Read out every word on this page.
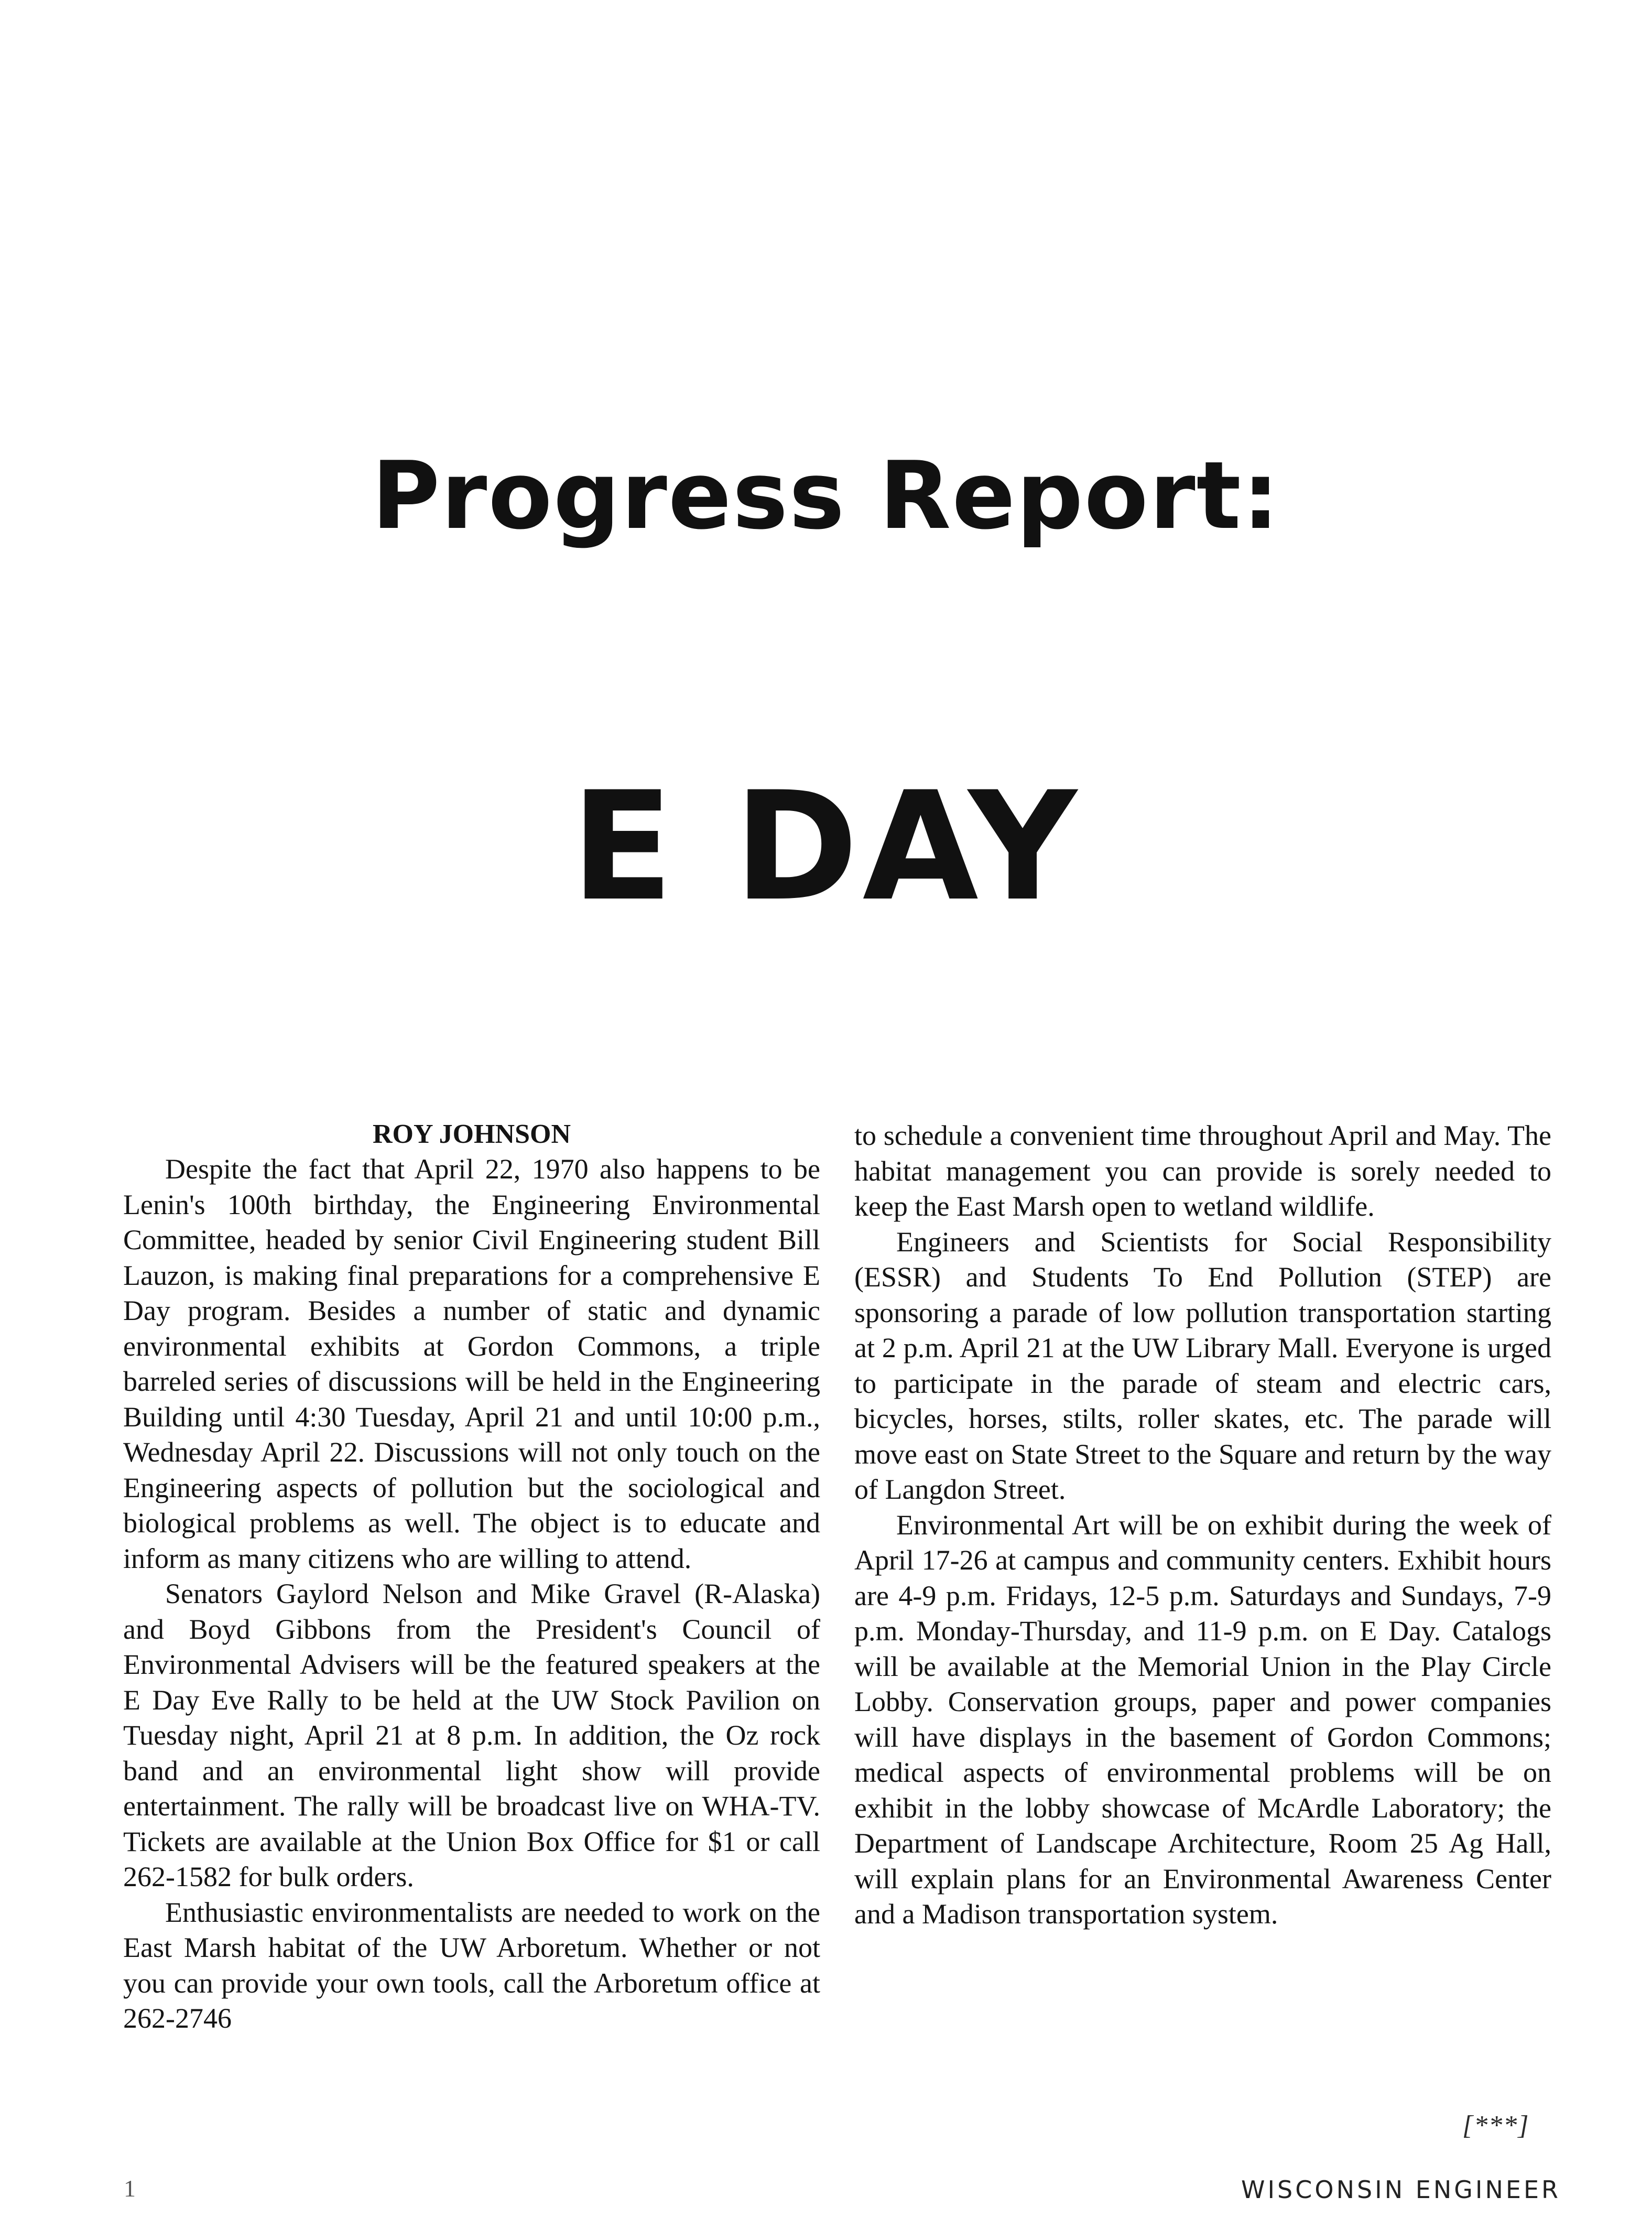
Progress Report:
E DAY
ROY JOHNSON

Despite the fact that April 22, 1970 also happens to be Lenin's 100th birthday, the Engineering Environmental Committee, headed by senior Civil Engineering student Bill Lauzon, is making final preparations for a comprehensive E Day program. Besides a number of static and dynamic environmental exhibits at Gordon Commons, a triple barreled series of discussions will be held in the Engineering Building until 4:30 Tuesday, April 21 and until 10:00 p.m., Wednesday April 22. Discussions will not only touch on the Engineering aspects of pollution but the sociological and biological problems as well. The object is to educate and inform as many citizens who are willing to attend.

Senators Gaylord Nelson and Mike Gravel (R-Alaska) and Boyd Gibbons from the President's Council of Environmental Advisers will be the featured speakers at the E Day Eve Rally to be held at the UW Stock Pavilion on Tuesday night, April 21 at 8 p.m. In addition, the Oz rock band and an environmental light show will provide entertainment. The rally will be broadcast live on WHA-TV. Tickets are available at the Union Box Office for $1 or call 262-1582 for bulk orders.

Enthusiastic environmentalists are needed to work on the East Marsh habitat of the UW Arboretum. Whether or not you can provide your own tools, call the Arboretum office at 262-2746

to schedule a convenient time throughout April and May. The habitat management you can provide is sorely needed to keep the East Marsh open to wetland wildlife.

Engineers and Scientists for Social Responsibility (ESSR) and Students To End Pollution (STEP) are sponsoring a parade of low pollution transportation starting at 2 p.m. April 21 at the UW Library Mall. Everyone is urged to participate in the parade of steam and electric cars, bicycles, horses, stilts, roller skates, etc. The parade will move east on State Street to the Square and return by the way of Langdon Street.

Environmental Art will be on exhibit during the week of April 17-26 at campus and community centers. Exhibit hours are 4-9 p.m. Fridays, 12-5 p.m. Saturdays and Sundays, 7-9 p.m. Monday-Thursday, and 11-9 p.m. on E Day. Catalogs will be available at the Memorial Union in the Play Circle Lobby. Conservation groups, paper and power companies will have displays in the basement of Gordon Commons; medical aspects of environmental problems will be on exhibit in the lobby showcase of McArdle Laboratory; the Department of Landscape Architecture, Room 25 Ag Hall, will explain plans for an Environmental Awareness Center and a Madison transportation system.

[***]
1	WISCONSIN ENGINEER
